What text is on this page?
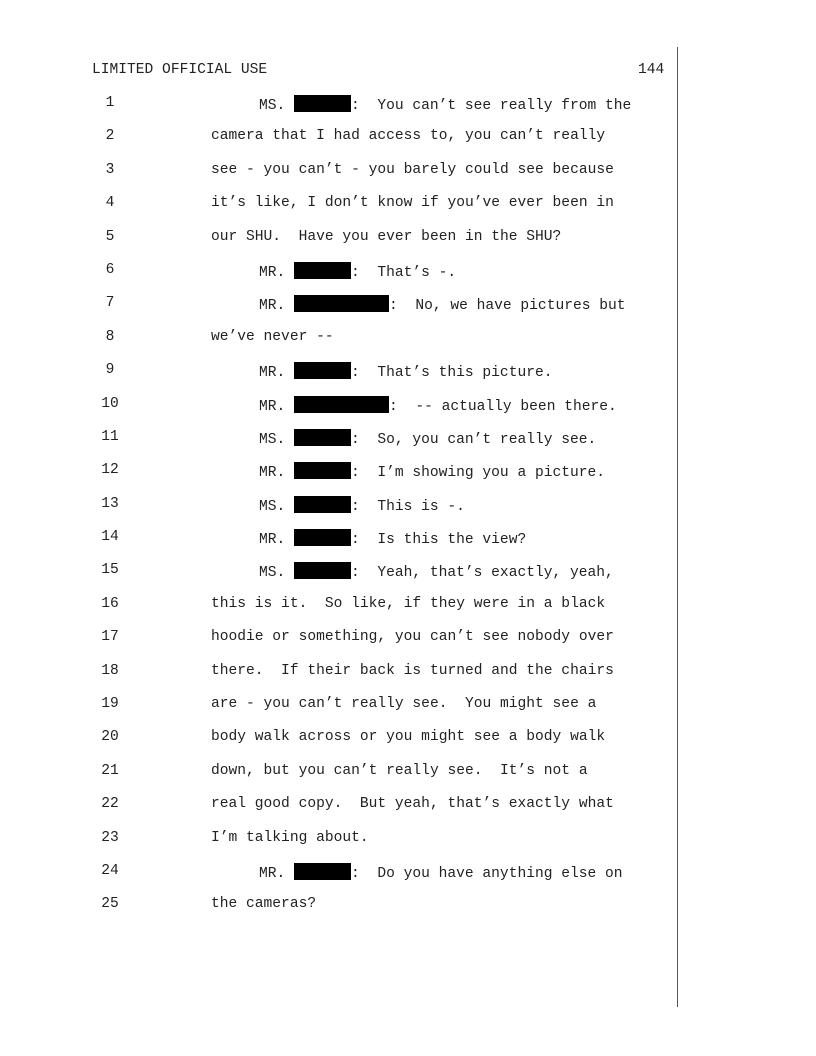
LIMITED OFFICIAL USE	144
1	MS.	:  You can’t see really from the
2	camera that I had access to, you can’t really
3	see - you can’t - you barely could see because
4	it’s like, I don’t know if you’ve ever been in
5	our SHU.  Have you ever been in the SHU?
6	MR.	:  That’s -.
7	MR.	:  No, we have pictures but
8	we’ve never --
9	MR.	:  That’s this picture.
10	MR.	:  -- actually been there.
11	MS.	:  So, you can’t really see.
12	MR.	:  I’m showing you a picture.
13	MS.	:  This is -.
14	MR.	:  Is this the view?
15	MS.	:  Yeah, that’s exactly, yeah,
16	this is it.  So like, if they were in a black
17	hoodie or something, you can’t see nobody over
18	there.  If their back is turned and the chairs
19	are - you can’t really see.  You might see a
20	body walk across or you might see a body walk
21	down, but you can’t really see.  It’s not a
22	real good copy.  But yeah, that’s exactly what
23	I’m talking about.
24	MR.	:  Do you have anything else on
25	the cameras?
